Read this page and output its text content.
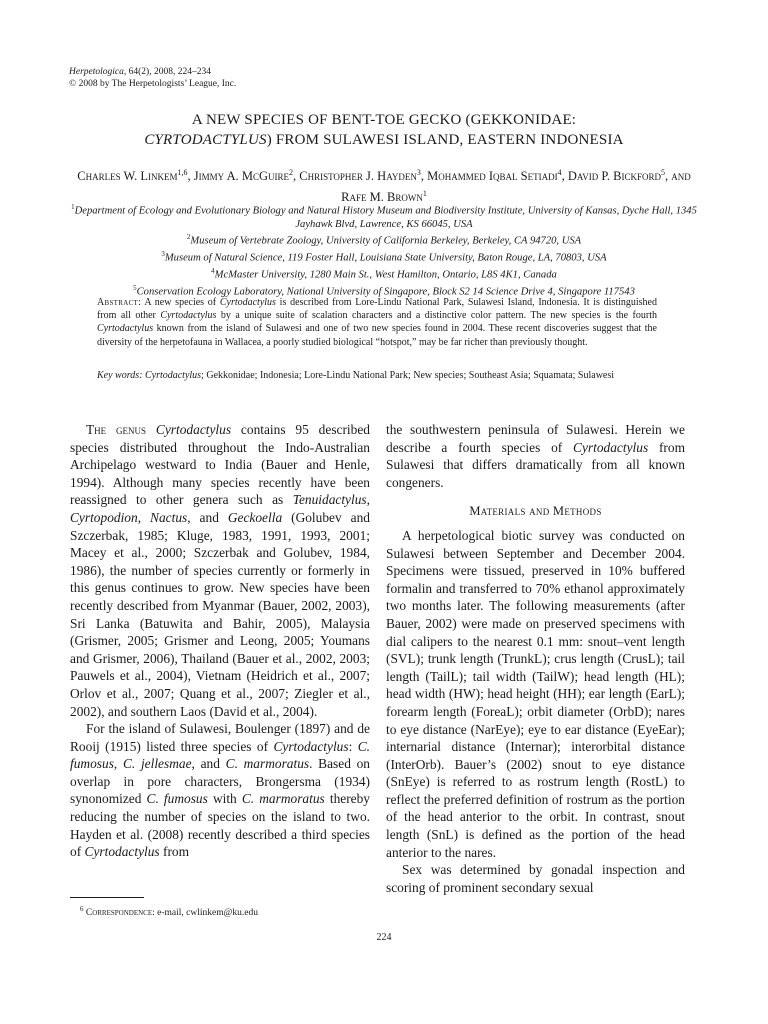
Herpetologica, 64(2), 2008, 224–234
© 2008 by The Herpetologists’ League, Inc.
A NEW SPECIES OF BENT-TOE GECKO (GEKKONIDAE:
CYRTODACTYLUS) FROM SULAWESI ISLAND, EASTERN INDONESIA
Charles W. Linkem$^{1,6}$, Jimmy A. McGuire$^2$, Christopher J. Hayden$^3$, Mohammed Iqbal Setiadi$^4$, David P. Bickford$^5$, and Rafe M. Brown$^1$
$^1$Department of Ecology and Evolutionary Biology and Natural History Museum and Biodiversity Institute, University of Kansas, Dyche Hall, 1345 Jayhawk Blvd, Lawrence, KS 66045, USA
$^2$Museum of Vertebrate Zoology, University of California Berkeley, Berkeley, CA 94720, USA
$^3$Museum of Natural Science, 119 Foster Hall, Louisiana State University, Baton Rouge, LA, 70803, USA
$^4$McMaster University, 1280 Main St., West Hamilton, Ontario, L8S 4K1, Canada
$^5$Conservation Ecology Laboratory, National University of Singapore, Block S2 14 Science Drive 4, Singapore 117543
Abstract: A new species of Cyrtodactylus is described from Lore-Lindu National Park, Sulawesi Island, Indonesia. It is distinguished from all other Cyrtodactylus by a unique suite of scalation characters and a distinctive color pattern. The new species is the fourth Cyrtodactylus known from the island of Sulawesi and one of two new species found in 2004. These recent discoveries suggest that the diversity of the herpetofauna in Wallacea, a poorly studied biological “hotspot,” may be far richer than previously thought.
Key words: Cyrtodactylus; Gekkonidae; Indonesia; Lore-Lindu National Park; New species; Southeast Asia; Squamata; Sulawesi

The genus Cyrtodactylus contains 95 described species distributed throughout the Indo-Australian Archipelago westward to India (Bauer and Henle, 1994). Although many species recently have been reassigned to other genera such as Tenuidactylus, Cyrtopodion, Nactus, and Geckoella (Golubev and Szczerbak, 1985; Kluge, 1983, 1991, 1993, 2001; Macey et al., 2000; Szczerbak and Golubev, 1984, 1986), the number of species currently or formerly in this genus continues to grow. New species have been recently described from Myanmar (Bauer, 2002, 2003), Sri Lanka (Batuwita and Bahir, 2005), Malaysia (Grismer, 2005; Grismer and Leong, 2005; Youmans and Grismer, 2006), Thailand (Bauer et al., 2002, 2003; Pauwels et al., 2004), Vietnam (Heidrich et al., 2007; Orlov et al., 2007; Quang et al., 2007; Ziegler et al., 2002), and southern Laos (David et al., 2004).

For the island of Sulawesi, Boulenger (1897) and de Rooij (1915) listed three species of Cyrtodactylus: C. fumosus, C. jellesmae, and C. marmoratus. Based on overlap in pore characters, Brongersma (1934) synonomized C. fumosus with C. marmoratus thereby reducing the number of species on the island to two. Hayden et al. (2008) recently described a third species of Cyrtodactylus from

the southwestern peninsula of Sulawesi. Herein we describe a fourth species of Cyrtodactylus from Sulawesi that differs dramatically from all known congeners.

Materials and Methods

A herpetological biotic survey was conducted on Sulawesi between September and December 2004. Specimens were tissued, preserved in 10% buffered formalin and transferred to 70% ethanol approximately two months later. The following measurements (after Bauer, 2002) were made on preserved specimens with dial calipers to the nearest 0.1 mm: snout–vent length (SVL); trunk length (TrunkL); crus length (CrusL); tail length (TailL); tail width (TailW); head length (HL); head width (HW); head height (HH); ear length (EarL); forearm length (ForeaL); orbit diameter (OrbD); nares to eye distance (NarEye); eye to ear distance (EyeEar); internarial distance (Internar); interorbital distance (InterOrb). Bauer’s (2002) snout to eye distance (SnEye) is referred to as rostrum length (RostL) to reflect the preferred definition of rostrum as the portion of the head anterior to the orbit. In contrast, snout length (SnL) is defined as the portion of the head anterior to the nares.

Sex was determined by gonadal inspection and scoring of prominent secondary sexual

$^6$ Correspondence: e-mail, cwlinkem@ku.edu
224
